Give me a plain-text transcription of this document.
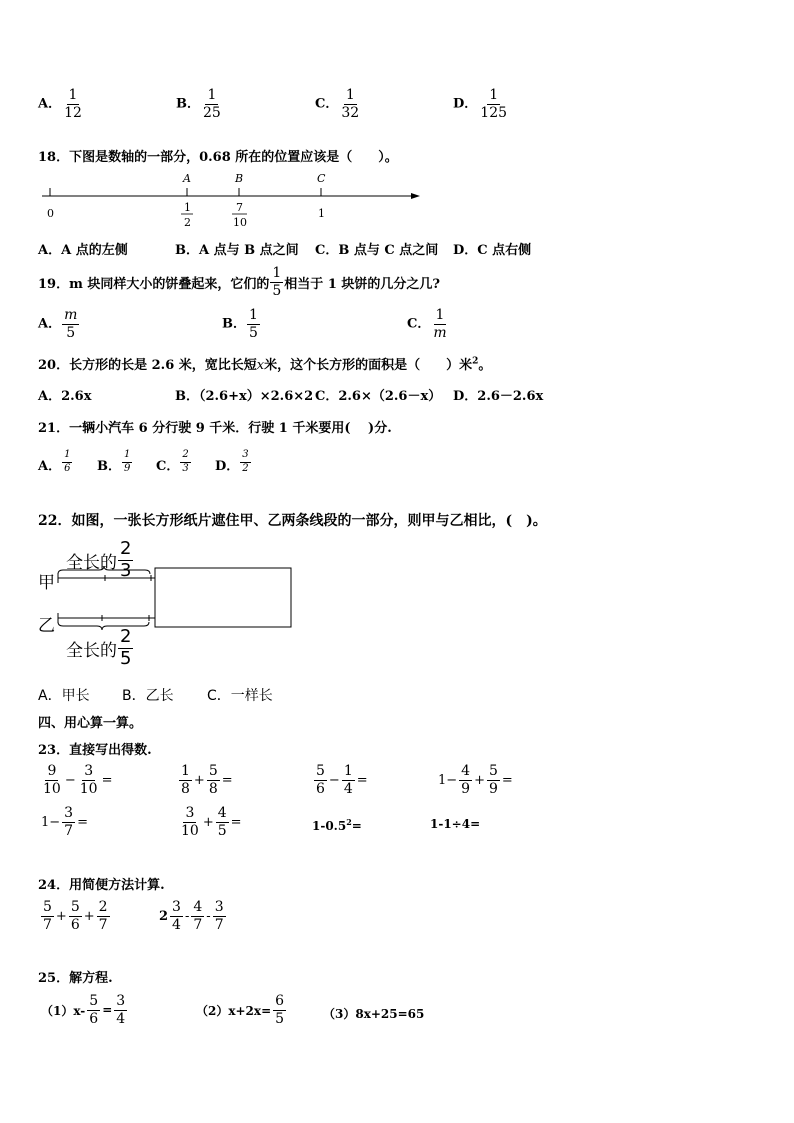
A． $\frac{1}{12}$	B． $\frac{1}{25}$	C． $\frac{1}{32}$	D． $\frac{1}{125}$
18．下图是数轴的一部分，0.68 所在的位置应该是（　　）。
0
A	B	C
1
2
7
10
1
A．A 点的左侧	B．A 点与 B 点之间 C．B 点与 C 点之间 D．C 点右侧
19．m 块同样大小的饼叠起来，它们的 $\frac{1}{5}$ 相当于 1 块饼的几分之几?
A． $\frac{m}{5}$	B． $\frac{1}{5}$	C． $\frac{1}{m}$
20．长方形的长是 2.6 米，宽比长短x米，这个长方形的面积是（　　）米$^2$。
A．2.6x	B．（2.6+x）×2.6×2 C．2.6×（2.6－x） D．2.6－2.6x
21．一辆小汽车 6 分行驶 9 千米．行驶 1 千米要用(　 )分.
A． $\frac{1}{6}$ B． $\frac{1}{9}$ C． $\frac{2}{3}$ D． $\frac{3}{2}$
22．如图，一张长方形纸片遮住甲、乙两条线段的一部分，则甲与乙相比，(　)。
全长的 $\frac{2}{3}$
甲
乙
全长的 $\frac{2}{5}$
A．甲长 B．乙长 C．一样长
四、用心算一算。
23．直接写出得数.
$\frac{9}{10} - \frac{3}{10}$ =	$\frac{1}{8} + \frac{5}{8}$ =	$\frac{5}{6} - \frac{1}{4}$ =	$1- \frac{4}{9} + \frac{5}{9}$ =
$1- \frac{3}{7}$ =	$\frac{3}{10} + \frac{4}{5}$ =	$1-0.5^2=$	1-1÷4=
24．用简便方法计算.
$\frac{5}{7} + \frac{5}{6} + \frac{2}{7}$	$2 \frac{3}{4} - \frac{4}{7} - \frac{3}{7}$
25．解方程.
$(1)x- \frac{5}{6} = \frac{3}{4}$	$(2)x+2x= \frac{6}{5}$	（3）8x+25=65
